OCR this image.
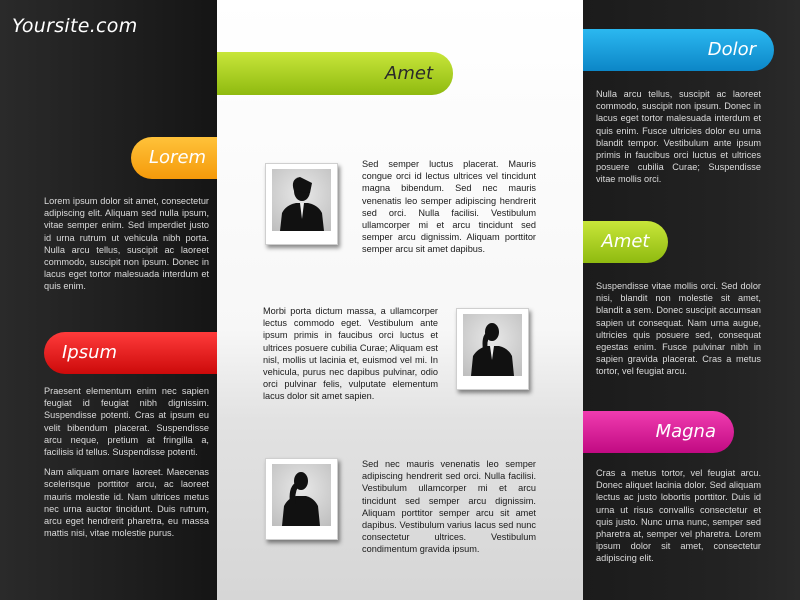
Yoursite.com
Lorem
Ipsum
Amet
Dolor
Amet
Magna

Lorem ipsum dolor sit amet, consectetur adipiscing elit. Aliquam sed nulla ipsum, vitae semper enim. Sed imperdiet justo id urna rutrum ut vehicula nibh porta. Nulla arcu tellus, suscipit ac laoreet commodo, suscipit non ipsum. Donec in lacus eget tortor malesuada interdum et quis enim.

Praesent elementum enim nec sapien feugiat id feugiat nibh dignissim. Suspendisse potenti. Cras at ipsum eu velit bibendum placerat. Suspendisse arcu neque, pretium at fringilla a, facilisis id tellus. Suspendisse potenti.

Nam aliquam ornare laoreet. Maecenas scelerisque porttitor arcu, ac laoreet mauris molestie id. Nam ultrices metus nec urna auctor tincidunt. Duis rutrum, arcu eget hendrerit pharetra, eu massa mattis nisi, vitae molestie purus.

Sed semper luctus placerat. Mauris congue orci id lectus ultrices vel tincidunt magna bibendum. Sed nec mauris venenatis leo semper adipiscing hendrerit sed orci. Nulla facilisi. Vestibulum ullamcorper mi et arcu tincidunt sed semper arcu dignissim. Aliquam porttitor semper arcu sit amet dapibus.
Morbi porta dictum massa, a ullamcorper lectus commodo eget. Vestibulum ante ipsum primis in faucibus orci luctus et ultrices posuere cubilia Curae; Aliquam est nisl, mollis ut lacinia et, euismod vel mi. In vehicula, purus nec dapibus pulvinar, odio orci pulvinar felis, vulputate elementum lacus dolor sit amet sapien.
Sed nec mauris venenatis leo semper adipiscing hendrerit sed orci. Nulla facilisi. Vestibulum ullamcorper mi et arcu tincidunt sed semper arcu dignissim. Aliquam porttitor semper arcu sit amet dapibus. Vestibulum varius lacus sed nunc consectetur ultrices. Vestibulum condimentum gravida ipsum.

Nulla arcu tellus, suscipit ac laoreet commodo, suscipit non ipsum. Donec in lacus eget tortor malesuada interdum et quis enim. Fusce ultricies dolor eu urna blandit tempor. Vestibulum ante ipsum primis in faucibus orci luctus et ultrices posuere cubilia Curae; Suspendisse vitae mollis orci.

Suspendisse vitae mollis orci. Sed dolor nisi, blandit non molestie sit amet, blandit a sem. Donec suscipit accumsan sapien ut consequat. Nam urna augue, ultricies quis posuere sed, consequat egestas enim. Fusce pulvinar nibh in sapien gravida placerat. Cras a metus tortor, vel feugiat arcu.

Cras a metus tortor, vel feugiat arcu. Donec aliquet lacinia dolor. Sed aliquam lectus ac justo lobortis porttitor. Duis id urna ut risus convallis consectetur et quis justo. Nunc urna nunc, semper sed pharetra at, semper vel pharetra. Lorem ipsum dolor sit amet, consectetur adipiscing elit.
